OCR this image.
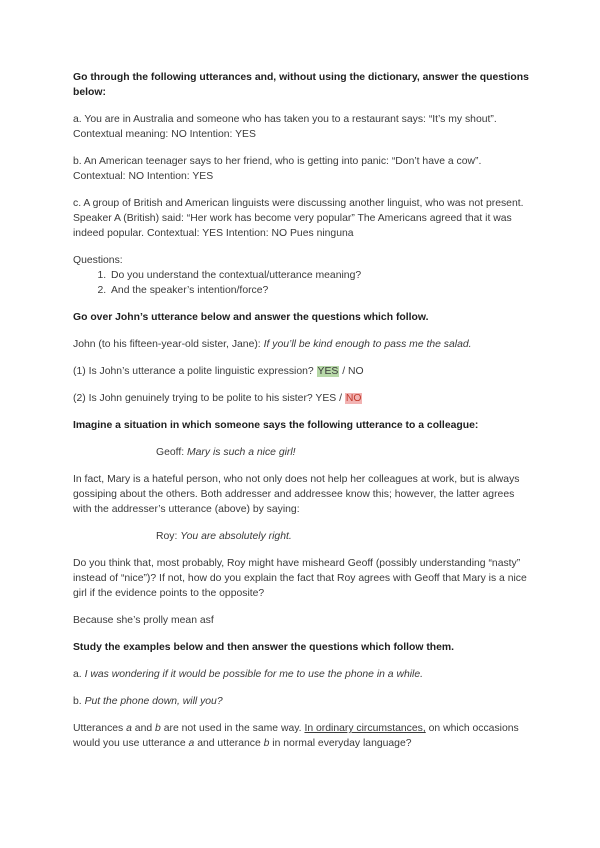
Go through the following utterances and, without using the dictionary, answer the questions below:

a. You are in Australia and someone who has taken you to a restaurant says: “It’s my shout”. Contextual meaning: NO Intention: YES

b. An American teenager says to her friend, who is getting into panic: “Don’t have a cow”. Contextual: NO Intention: YES

c. A group of British and American linguists were discussing another linguist, who was not present. Speaker A (British) said: “Her work has become very popular” The Americans agreed that it was indeed popular. Contextual: YES Intention: NO Pues ninguna

Questions:

1. Do you understand the contextual/utterance meaning?
2. And the speaker’s intention/force?

Go over John’s utterance below and answer the questions which follow.

John (to his fifteen-year-old sister, Jane): If you’ll be kind enough to pass me the salad.

(1) Is John’s utterance a polite linguistic expression? YES / NO

(2) Is John genuinely trying to be polite to his sister? YES / NO

Imagine a situation in which someone says the following utterance to a colleague:

Geoff: Mary is such a nice girl!

In fact, Mary is a hateful person, who not only does not help her colleagues at work, but is always gossiping about the others. Both addresser and addressee know this; however, the latter agrees with the addresser’s utterance (above) by saying:

Roy: You are absolutely right.

Do you think that, most probably, Roy might have misheard Geoff (possibly understanding “nasty” instead of “nice”)? If not, how do you explain the fact that Roy agrees with Geoff that Mary is a nice girl if the evidence points to the opposite?

Because she’s prolly mean asf

Study the examples below and then answer the questions which follow them.

a. I was wondering if it would be possible for me to use the phone in a while.

b. Put the phone down, will you?

Utterances a and b are not used in the same way. In ordinary circumstances, on which occasions would you use utterance a and utterance b in normal everyday language?
